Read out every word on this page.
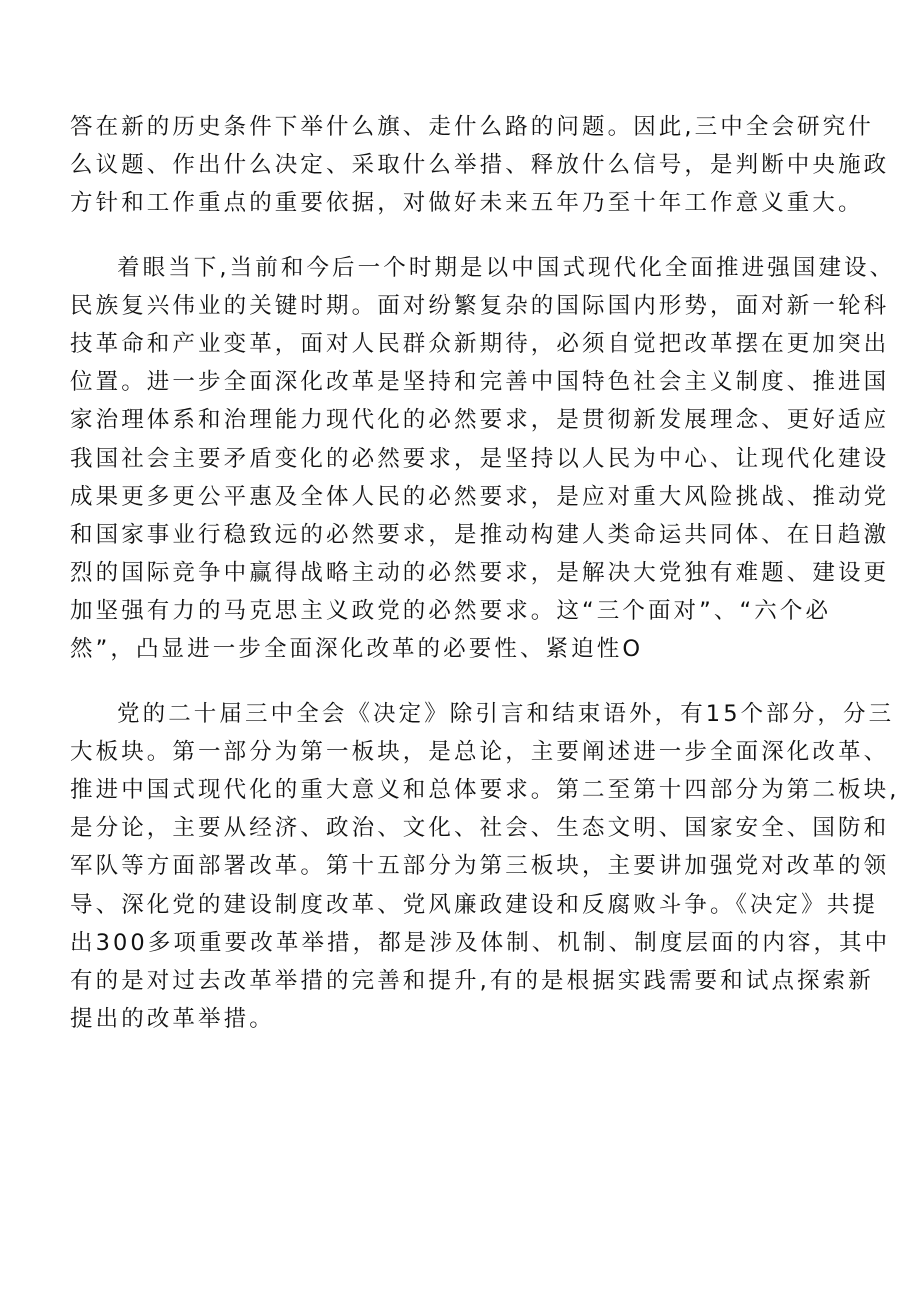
答在新的历史条件下举什么旗、走什么路的问题。因此,三中全会研究什
么议题、作出什么决定、采取什么举措、释放什么信号，是判断中央施政
方针和工作重点的重要依据，对做好未来五年乃至十年工作意义重大。
着眼当下,当前和今后一个时期是以中国式现代化全面推进强国建设、
民族复兴伟业的关键时期。面对纷繁复杂的国际国内形势，面对新一轮科
技革命和产业变革，面对人民群众新期待，必须自觉把改革摆在更加突出
位置。进一步全面深化改革是坚持和完善中国特色社会主义制度、推进国
家治理体系和治理能力现代化的必然要求，是贯彻新发展理念、更好适应
我国社会主要矛盾变化的必然要求，是坚持以人民为中心、让现代化建设
成果更多更公平惠及全体人民的必然要求，是应对重大风险挑战、推动党
和国家事业行稳致远的必然要求，是推动构建人类命运共同体、在日趋激
烈的国际竞争中赢得战略主动的必然要求，是解决大党独有难题、建设更
加坚强有力的马克思主义政党的必然要求。这“三个面对”、“六个必
然”，凸显进一步全面深化改革的必要性、紧迫性O
党的二十届三中全会《决定》除引言和结束语外，有15个部分，分三
大板块。第一部分为第一板块，是总论，主要阐述进一步全面深化改革、
推进中国式现代化的重大意义和总体要求。第二至第十四部分为第二板块,
是分论，主要从经济、政治、文化、社会、生态文明、国家安全、国防和
军队等方面部署改革。第十五部分为第三板块，主要讲加强党对改革的领
导、深化党的建设制度改革、党风廉政建设和反腐败斗争。《决定》共提
出300多项重要改革举措，都是涉及体制、机制、制度层面的内容，其中
有的是对过去改革举措的完善和提升,有的是根据实践需要和试点探索新
提出的改革举措。
